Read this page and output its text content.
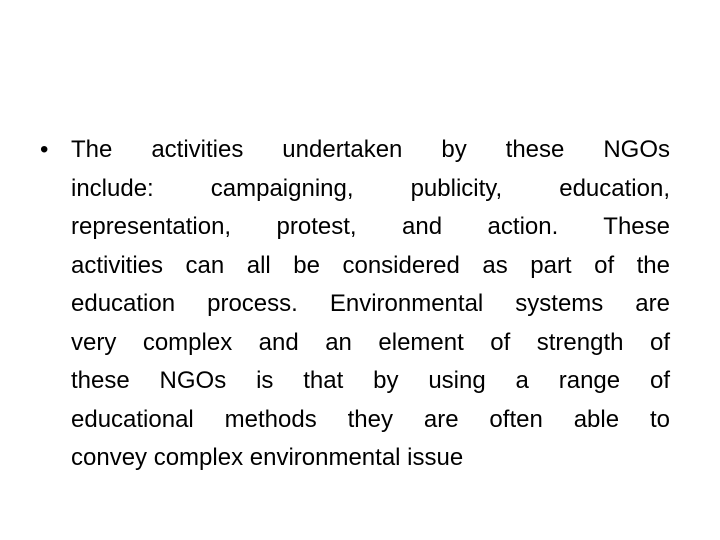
• The activities undertaken by these NGOs
include: campaigning, publicity, education,
representation, protest, and action. These
activities can all be considered as part of the
education process. Environmental systems are
very complex and an element of strength of
these NGOs is that by using a range of
educational methods they are often able to
convey complex environmental issue
